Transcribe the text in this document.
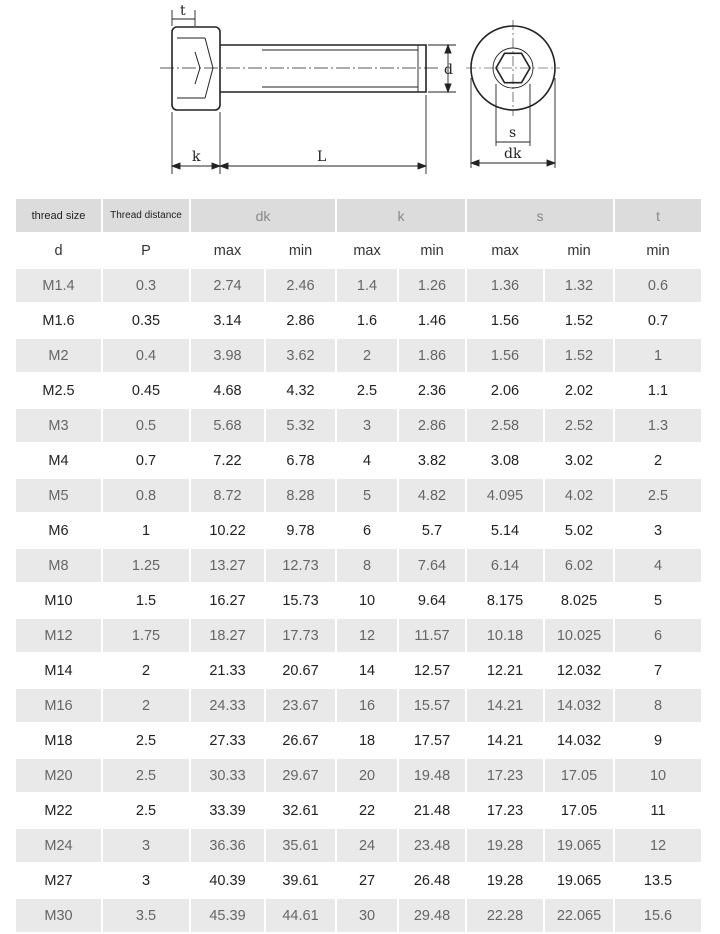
t
d
k	L
s
dk
thread size	Thread distance	dk		k		s		t
d	P	max	min	max	min	max	min	min
M1.4	0.3	2.74	2.46	1.4	1.26	1.36	1.32	0.6
M1.6	0.35	3.14	2.86	1.6	1.46	1.56	1.52	0.7
M2	0.4	3.98	3.62	2	1.86	1.56	1.52	1
M2.5	0.45	4.68	4.32	2.5	2.36	2.06	2.02	1.1
M3	0.5	5.68	5.32	3	2.86	2.58	2.52	1.3
M4	0.7	7.22	6.78	4	3.82	3.08	3.02	2
M5	0.8	8.72	8.28	5	4.82	4.095	4.02	2.5
M6	1	10.22	9.78	6	5.7	5.14	5.02	3
M8	1.25	13.27	12.73	8	7.64	6.14	6.02	4
M10	1.5	16.27	15.73	10	9.64	8.175	8.025	5
M12	1.75	18.27	17.73	12	11.57	10.18	10.025	6
M14	2	21.33	20.67	14	12.57	12.21	12.032	7
M16	2	24.33	23.67	16	15.57	14.21	14.032	8
M18	2.5	27.33	26.67	18	17.57	14.21	14.032	9
M20	2.5	30.33	29.67	20	19.48	17.23	17.05	10
M22	2.5	33.39	32.61	22	21.48	17.23	17.05	11
M24	3	36.36	35.61	24	23.48	19.28	19.065	12
M27	3	40.39	39.61	27	26.48	19.28	19.065	13.5
M30	3.5	45.39	44.61	30	29.48	22.28	22.065	15.6
